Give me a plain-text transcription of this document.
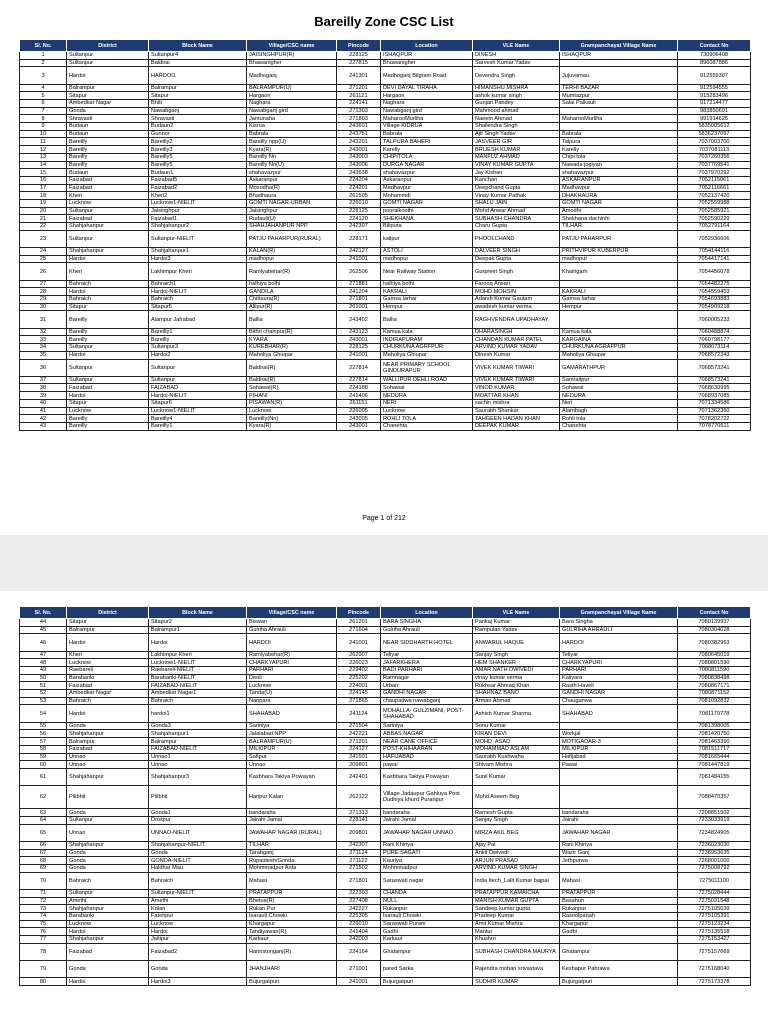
Bareilly Zone CSC List
Sl. No.	District	Block Name	Village/CSC name	Pincode	Location	VLE Name	Grampanchayat Village Name	Contact No
1	Sultanpur	Sultanpur4	JAISINGHPUR(R)	228125	ISHAQPUR	DINESH	ISHAQPUR	730906408
2	Sultanpur	Baldirai	Bhawanigher	227815	Bhawanigher	Sarvesh Kumar Yadav		896087886
3	Hardoi	HARDOI1	Madhoganj	241301	Madhoganj Bilgram Road	Devendra Singh	Jujuvamau	912559307
4	Balrampur	Balrampur	BALRAMPUR(U)	271201	DEVI DAYAL TIRAHA	HIMANSHU MISHRA	TERHI BAZAR	912594555
5	Sitapur	Sitapur	Hargaon	261121	Hargaon	ashok kumar singh	Mumtazpur	915283496
6	Ambedkar Nagar	Bhiti	Naghara	224141	Naghara	Gunjan Pandey	Salai Palkauli	917214477
7	Gonda	Nawabganj	Nawabganj gird	271303	Nawabganj gird	Mahmood ahmad		983850691
8	Shravasti	Shravasti	Jamunaha	271803	MaharooMurliha	Naeem Ahmad	MaharooMurliha	991914625
9	Budaun	Budaun2	Kisrua	243601	Village KIDRUA	Shailendra Singh		5835005612
10	Budaun	Gunnor	Babrala	243751	Babrala	Ajit Singh Yadav	Babrala	5836237097
11	Bareilly	Bareilly2	Bareilly npp(U)	243201	TALPURA BAHERI	JASVEER GIR	Talpura	7037003700
12	Bareilly	Bareilly3	Kyara(R)	243001	Karelly	BRIJESH KUMAR	Karelly	7037081113
13	Bareilly	Bareilly5	Bareilly Nn	243003	CHIPITOLA	MANFUZ AHMAD	Chipi tola	7037260356
14	Bareilly	Bareilly5	Bareilly Nn(U)	243006	DURGA NAGAR	VINAY KUMAR GUPTA	Nawada jogiyan	7037769541
15	Budaun	Budaun1	shahavazpur	243638	shahavazpur	Jay Kishan	shahavazpur	7037970292
16	Faizabad	Faizabad5	Askaranpur	224204	Askaranpur	Kanchan	ASKARANPUR	7052115061
17	Faizabad	Faizabad2	Mosodha(R)	224201	Madhavpur	Deepchand Gupta	Madhavpur	7052116661
18	Kheri	Kheri2	Bhadhaura	261505	Mohammdi	Vinay Kumar Pathak	DHAKHAURA	7052137420
19	Lucknow	Lucknow1-NIELIT	GOMTI NAGAR-URBAN	226010	GOMTI NAGAR	SHALU JAIN	GOMTI NAGAR	7052559988
20	Sultanpur	Jaisinghpur	Jaisinghpur	228125	pooraikoothi	Mohd Anwar Ahmad	Amodhi	7052585921
21	Faizabad	Faizabad1	Rudauli(U)	224120	SHEKHANA	SUBHASH CHANDRA	Shekhana dachinhi	7052590229
22	Shahjahanpur	Shahjahanpur2	SHAHJAHANPUR NPP	242307	Bilipura	Charu Gupta	TILHAR	7052791164
23	Sultanpur	Sultanpur-NIELIT	PATJU PAHARPUR(RURAL)	228171	kailpur	PHOOLCHAND	PATJU PAHARPUR	7052936606
24	Shahjahanpur	Shahjahanpur1	KALAN(R)	242127	ASTOLI	DALVEER SINGH	PRITHVIPUR KUBERPUR	7054144116
25	Hardoi	Hardoi3	madhopur	241001	madhopur	Deepak Gupta	madhopur	7054417141
26	Kheri	Lakhimpur Kheri	Ramlyabehar(R)	262506	Near Railway Station	Gurpreet Singh	Khairigarh	7054456078
27	Bahraich	Bahraich1	halhiya bolhi	271881	halhiya bolhi	Farooq Ansari		7054482275
28	Hardoi	Hardoi-NIELIT	GANDILA	241204	KAKRALI	MOHD.MOHSIN	KAKRALI	7054559453
29	Bahraich	Bahraich	Chittaura(R)	271801	Gamsa larhar	Adarsh Kumar Gautam	Gamsa larhar	7054693883
30	Sitapur	Sitapur5	Allipur(R)	261001	Hempur	awadesh kumar verma	Hempur	7054909218
31	Bareilly	Alampur Jafrabad	Ballia	243402	Ballia	RAGHVENDRA UPADHAYAY		7060005233
32	Bareilly	Bareilly1	Bithri chainpur(R)	243123	Kamua kala	DHARASINGH	Kamua kala	7060488874
33	Bareilly	Bareilly	KYARA	243001	INDIRAPURAM	CHANDAN KUMAR PATEL	KARGAINA	7060798177
34	Sultanpur	Sultanpur3	KUREBHAR(R)	228125	CHURKUNA AGRFPUR	ARVIND KUMAR YADAV	CHURKUNA AGRAFPUR	7068073114
35	Hardoi	Hardoi2	Maholiya Ghiupar	241001	Maholiya Ghiupar	Dinesh Kumar	Maholiya Ghiupar	7068572343
36	Sultanpur	Sultanpur	Baldirai(R)	227814	NEAR PRIMARY SCHOOL GINDURAPUR	VIVEK KUMAR TIWARI	GAMARATHPUR	7068573241
37	Sultanpur	Sultanpur	Baldirai(R)	227814	WALLIPUR DEHLI ROAD	VIVEK KUMAR TIWARI	Samraitpur	7068573241
38	Faizabad	FAIZABAD	Sohawal(R)	224188	Sohawal	VINOD KUMAR	Sohawal	7068630995
39	Hardoi	Hardoi-NIELIT	PIHANI	241406	NEDURA	MOATTAR KHAN	NEDURA	7068937085
40	Sitapur	Sitapur6	PISAWAN(R)	261151	NERI	sachin mishra	Neri	7071334586
41	Lucknow	Lucknow1-NIELIT	Lucknow	226005	Lucknow	Saurabh Shankar	Alambagh	7071362360
42	Bareilly	Bareilly4	Bareilly(Nn)	243005	ROHLI TOLA	TAHGEEN HADAN KHAN	Rohli tola	7078202722
43	Bareilly	Bareilly1	Kyara(R)	243001	Chanehta	DEEPAK KUMAR	Chanehta	7078770511
Page 1 of 212
Sl. No.	District	Block Name	Village/CSC name	Pincode	Location	VLE Name	Grampanchayat Village Name	Contact No
44	Sitapur	Sitapur2	Biswan	261201	BARA SINGHA	Pankaj Kumar	Bara Singha	7080139937
45	Balrampur	Balrampur1	Gulriha Ahrauli	271604	Gulriha Ahrauli	Rampulari Yadav	GULRIHA AHRAULI	7080304028
46	Hardoi	Hardoi	HARDOI	241001	NEAR SIDDHARTH HOTEL	ANWARUL HAQUE	HARDOI	7080382963
47	Kheri	Lakhimpur Kheri	Ramlyabehar(R)	262907	Teliyar	Sanjay Singh	Teliyar	7080645019
48	Lucknow	Lucknow1-NIELIT	CHARKYAPURI	226023	JAFARKHERA	HEM SHANKER	CHARKYAPURI	7080801590
49	Raebareli	Raebareli-NIELIT	PARHARI	229402	BADI PARHARI	AMAR NATH DWIVEDI	PARHARI	7080811590
50	Barabanki	Barabanki-NIELIT	Deoli	225202	Ramnagar	vinay kumar verma	Kaliyara	7080838498
51	Faizabad	FAIZABAD-NIELIT	Lucknow	224001	Urban	Rukhsar Ahmad Khan	Rasth Haveli	7080867171
52	Ambedkar Nagar	Ambedkar Nagar1	Tanda(U)	224145	GANDHI NAGAR	SHAHNAZ BANO	GANDHI NAGAR	7080871152
53	Bahraich	Bahraich	Nanpara	271865	chaupadwa nawabganj	Arman Ahmad	Chauganwa	7081092832
54	Hardoi	hardoi1	SHAHABAD	241124	MOHALLA- GULZIMANI, POST- SHAHABAD	Ashish Kumar Sharma	SHAHABAD	7081179778
55	Gonda	Gonda3	Sariniya	271504	Sariniya	Sonu Kumar		7081398005
56	Shahjahanpur	Shahjahanpur1	Jalalabad NPP	242221	ABBAS NAGAR	KIRAN DEVI	Workjal	7081420750
57	Balrampur	Balrampur	BALRAMPUR(U)	271201	NEAR CANE OFFICE	MOHD. ASAD	MOTIGADAR-3	7081463390
58	Faizabad	FAIZABAD-NIELIT	MILKIPUR	224127	POST-KHIHAARAN	MOHAMMAD ASLAM	MILKIPUR	7081511717
59	Unnao	Unnao1	Safipur	241501	HAFIJABAD	Saurabh Kushwaha	Hafijabad	7081665444
60	Unnao	Unnao	Unnao	209801	pawai	Shivam Mishra	Pawai	7081447819
61	Shahjahanpur	Shahjahanpur3	Kasbhara Takiya Powayan	242401	Kasbhara Takiya Powayan	Sunil Kumar		7081484155
62	Pilibhit	Pilibhit	Haripur Kalan	262122	Village Jadaupur Gahluya Post Dudhiya khurd Puranpur	Mohd Aseem Beg		7088470357
63	Gonda	Gonda1	bandaraha	271313	bandaraha	Ramesh Gupta	bandaraha	7208851502
64	Sultanpur	Dostpur	Jairahi Jamal	228141	Jairahi Jamal	Sanjay Singh	Jairahi	7233033919
65	Unnao	UNNAO-NIELIT	JAWAHAR NAGAR (RURAL)	209801	JAWAHAR NAGAR UNNAO	MIRZA AKIL BEG	JAWAHAR NAGAR	7234824905
66	Shahjahanpur	Shahjahanpur-NIELIT	TILHAR	242307	Rani Khiriya	Ajay Pal	Rani Khiriya	7236023030
67	Gonda	Gonda	Tarabganj	271124	PURE SAGATI	Ankit Dwivedi	Wazir Ganj	7236953635
68	Gonda	GONDA-NIELIT	Rupaideeh/Gonda	271122	Kauriya	ARJUN PRASAD	Jethpurwa	7268001000
69	Gonda	Haldhar Mau	Mohmmadpur Anta	271502	Mohmmadpur	ARVIND KUMAR SINGH		7275008792
70	Bahraich	Bahraich	Mahasi	271801	Saraswati nagar	India Itech_Lalit Kumar bajpai	Mahasi	7275011100
71	Sultanpur	Sultanpur-NIELIT	PRATAPPUR	222303	CHANDA	PRATAPPUR KAMAICHA	PRATAPPUR	7275028444
72	Amethi	Amethi	Bhetua(R)	227408	NULL	MANISH KUMAR GUPTA	Basahun	7275031548
73	Shahjahanpur	Kalan	Rukan Pur	242227	Rukanpur	Sandeep kumar gupta	Rukanpur	7275105039
74	Barabanki	Fatehpur	Isarauli Chowki	225305	Isarauli Chowki	Pradeep Kumar	Rasoolpanah	7275105391
75	Lucknow	Lucknow	Khargapur	226010	Saraswati Puram	Amit Kumar Mishra	Khargapur	7275123234
76	Hardoi	Hardoi	Tandiyawan(R)	241404	Gadhi	Mantur	Gadhi	7275135518
77	Shahjahanpur	Jaitipur	Karkaur	242003	Karkaur	Khushro		7275153427
78	Faizabad	Faizabad2	Harinstonganj(R)	224164	Ghatampur	SUBHASH CHANDRA MAURYA	Ghatampur	7275157669
79	Gonda	Gonda	JHANJHARI	271001	pared Sarka	Rajendra mohan srivastava	Keshapur Pahrawa	7275168040
80	Hardoi	Hardoi3	Bujurgatpuri	241001	Bujurgatpuri	SUDHIR KUMAR	Bujurgatpuri	7275173378
